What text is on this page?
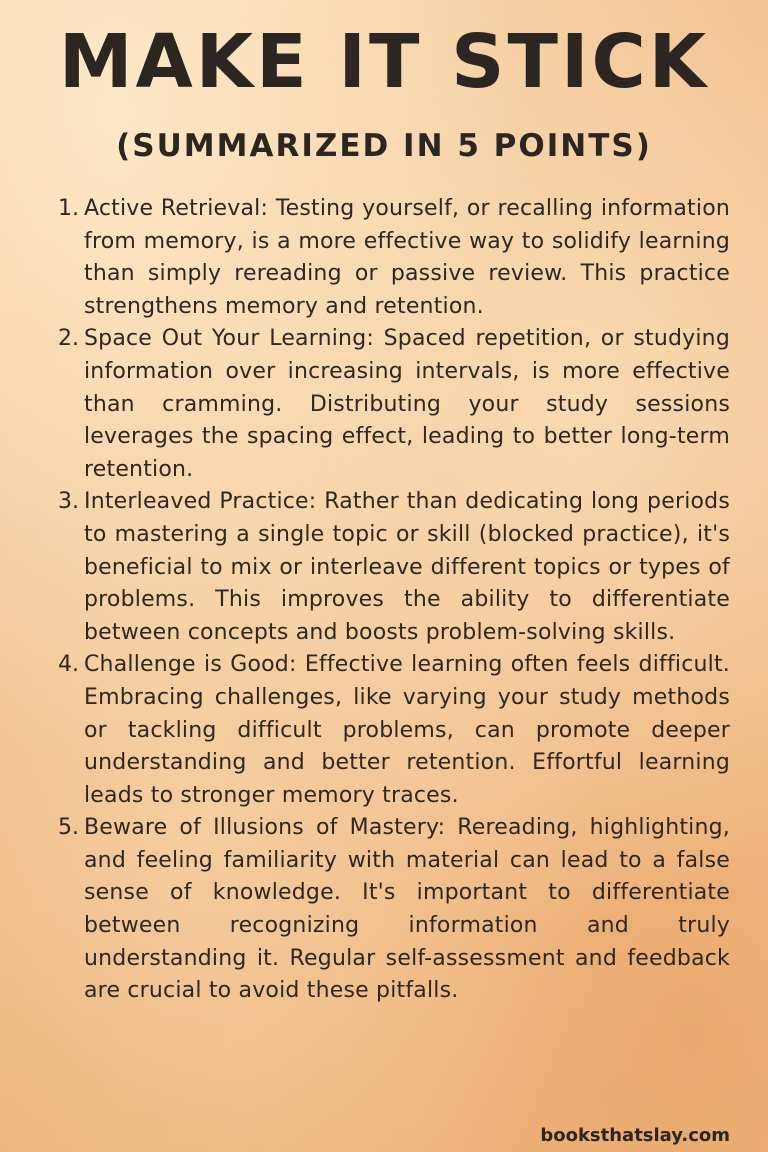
MAKE IT STICK
(SUMMARIZED IN 5 POINTS)
1. Active Retrieval: Testing yourself, or recalling information from memory, is a more effective way to solidify learning than simply rereading or passive review. This practice strengthens memory and retention.
2. Space Out Your Learning: Spaced repetition, or studying information over increasing intervals, is more effective than cramming. Distributing your study sessions leverages the spacing effect, leading to better long-term retention.
3. Interleaved Practice: Rather than dedicating long periods to mastering a single topic or skill (blocked practice), it's beneficial to mix or interleave different topics or types of problems. This improves the ability to differentiate between concepts and boosts problem-solving skills.
4. Challenge is Good: Effective learning often feels difficult. Embracing challenges, like varying your study methods or tackling difficult problems, can promote deeper understanding and better retention. Effortful learning leads to stronger memory traces.
5. Beware of Illusions of Mastery: Rereading, highlighting, and feeling familiarity with material can lead to a false sense of knowledge. It's important to differentiate between recognizing information and truly understanding it. Regular self-assessment and feedback are crucial to avoid these pitfalls.
booksthatslay.com
